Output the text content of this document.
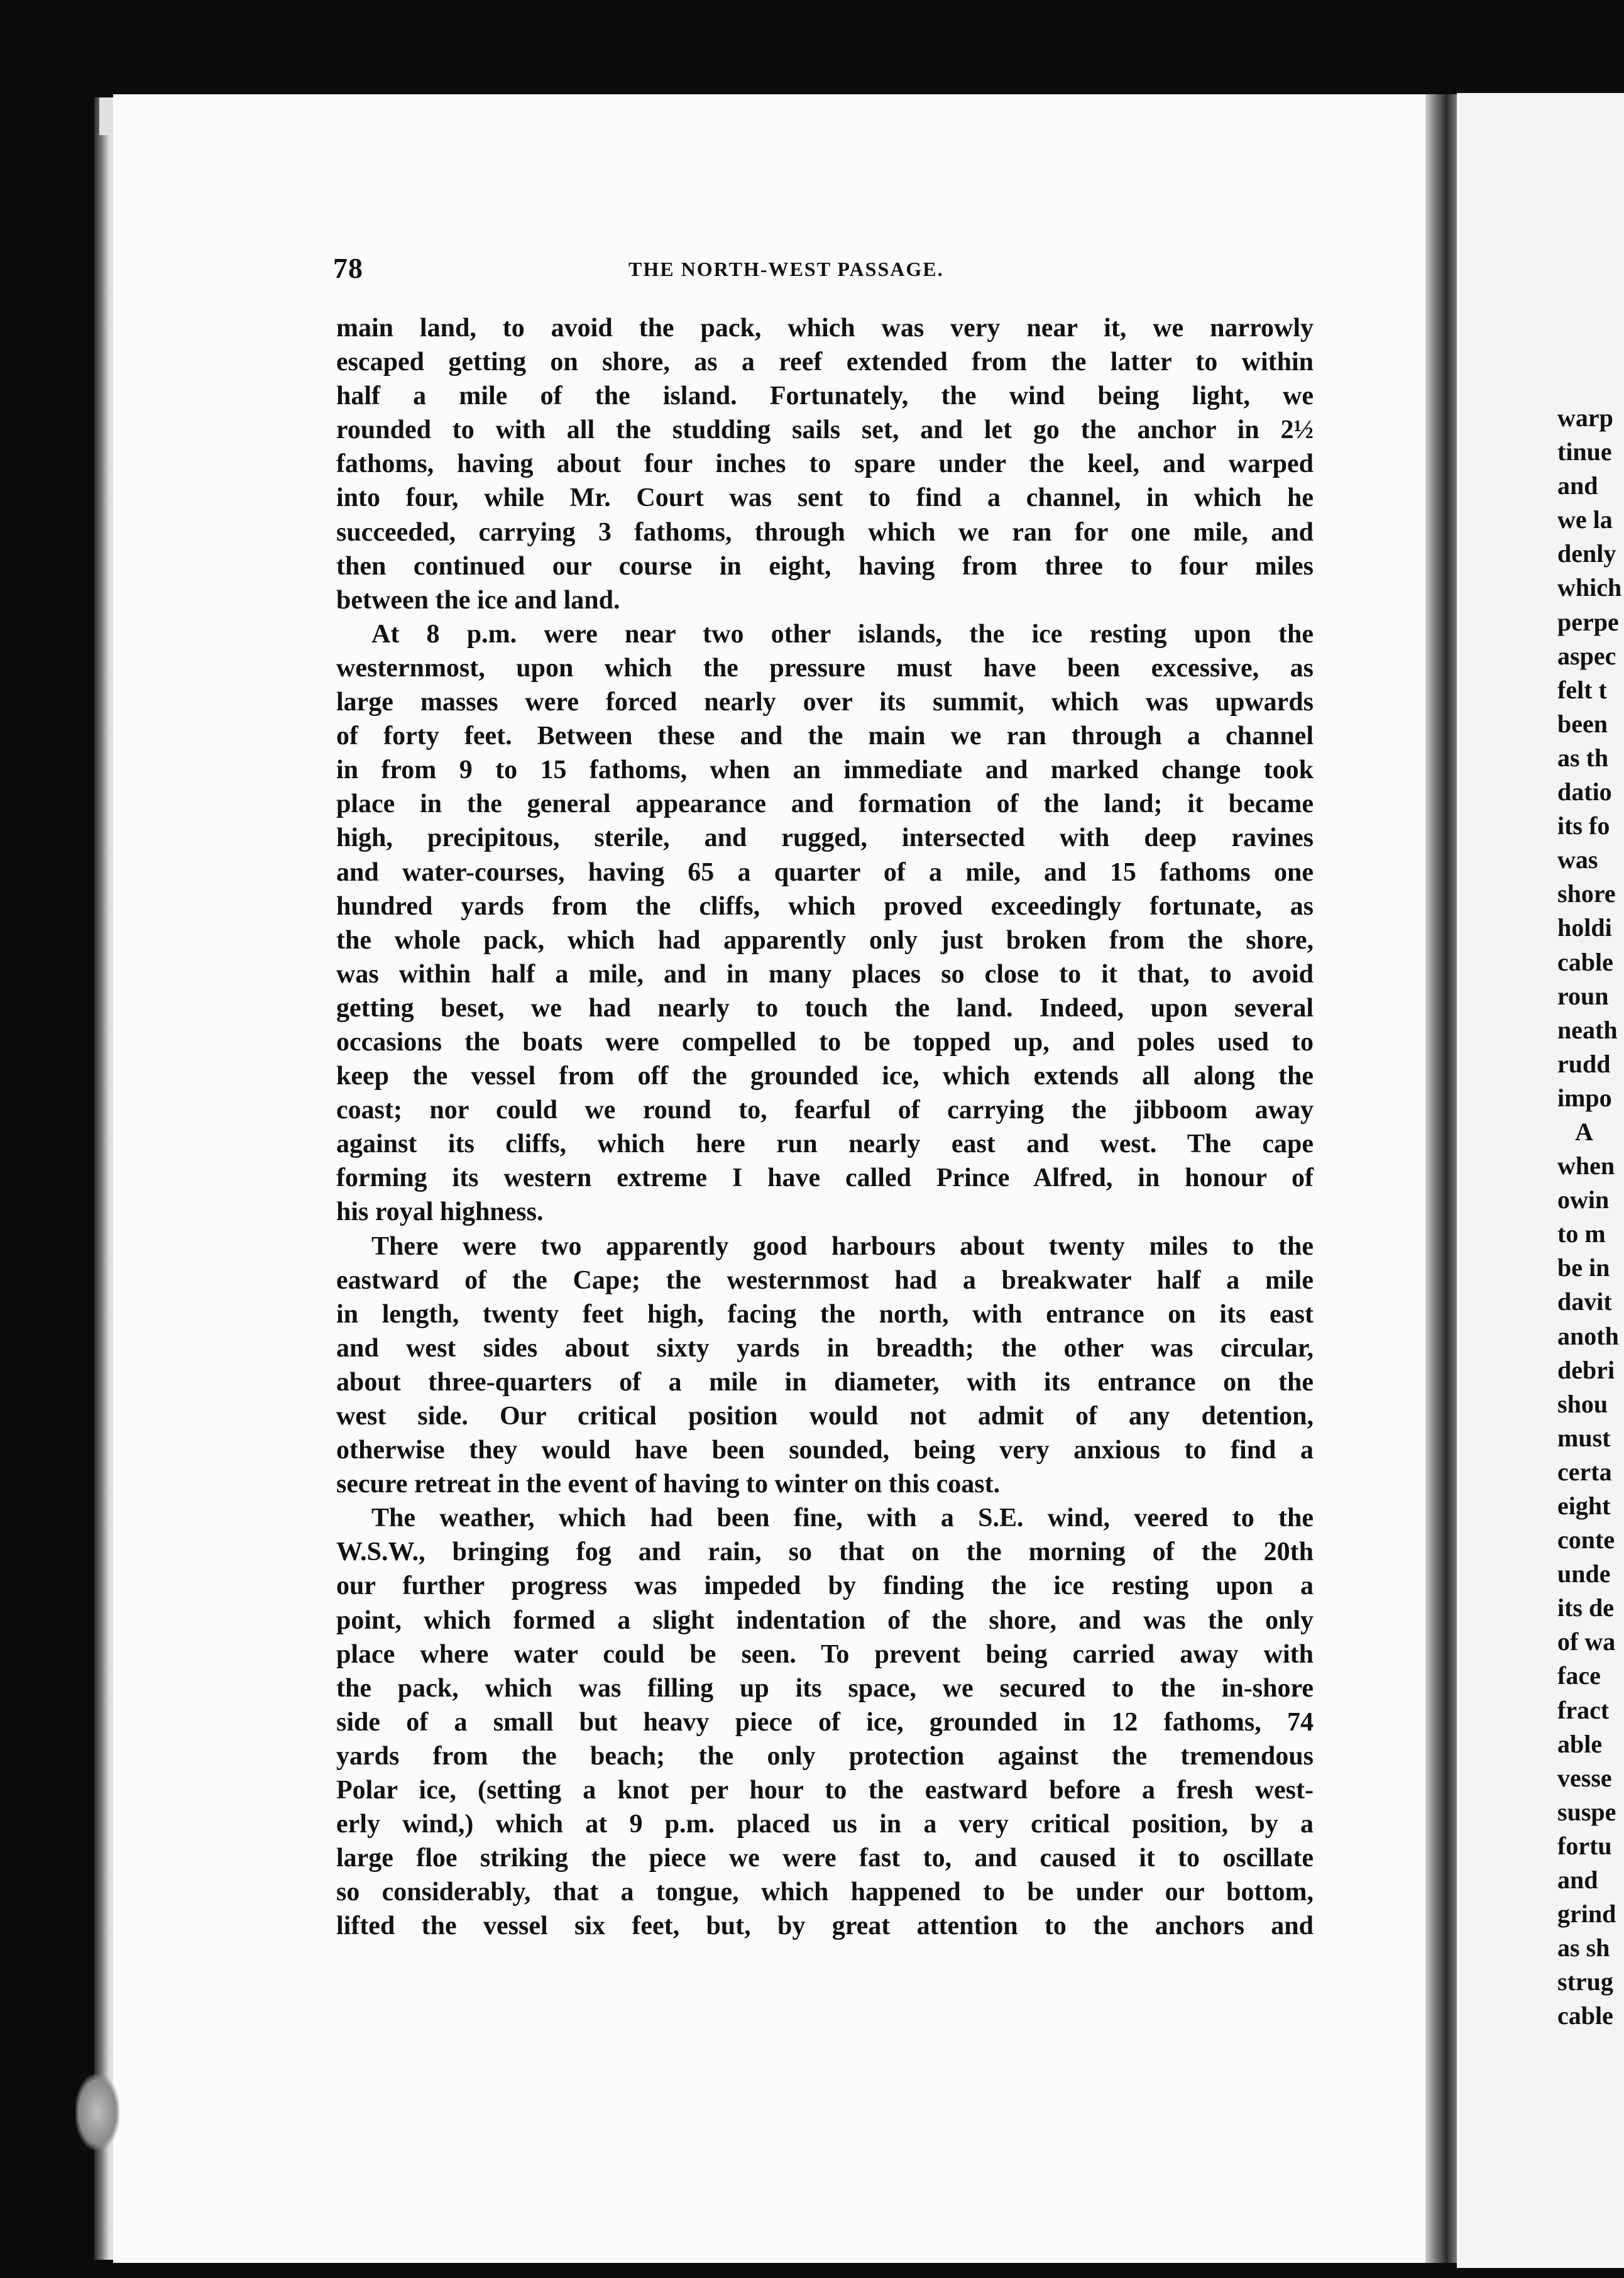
warp
tinue
and
we la
denly
which
perpe
aspec
felt t
been
as th
datio
its fo
was
shore
holdi
cable
roun
neath
rudd
impo
A
when
owin
to m
be in
davit
anoth
debri
shou
must
certa
eight
conte
unde
its de
of wa
face
fract
able
vesse
suspe
fortu
and
grind
as sh
strug
cable
78	THE NORTH-WEST PASSAGE.
main land, to avoid the pack, which was very near it, we narrowly
escaped getting on shore, as a reef extended from the latter to within
half a mile of the island. Fortunately, the wind being light, we
rounded to with all the studding sails set, and let go the anchor in 2½
fathoms, having about four inches to spare under the keel, and warped
into four, while Mr. Court was sent to find a channel, in which he
succeeded, carrying 3 fathoms, through which we ran for one mile, and
then continued our course in eight, having from three to four miles
between the ice and land.
At 8 p.m. were near two other islands, the ice resting upon the
westernmost, upon which the pressure must have been excessive, as
large masses were forced nearly over its summit, which was upwards
of forty feet. Between these and the main we ran through a channel
in from 9 to 15 fathoms, when an immediate and marked change took
place in the general appearance and formation of the land; it became
high, precipitous, sterile, and rugged, intersected with deep ravines
and water-courses, having 65 a quarter of a mile, and 15 fathoms one
hundred yards from the cliffs, which proved exceedingly fortunate, as
the whole pack, which had apparently only just broken from the shore,
was within half a mile, and in many places so close to it that, to avoid
getting beset, we had nearly to touch the land. Indeed, upon several
occasions the boats were compelled to be topped up, and poles used to
keep the vessel from off the grounded ice, which extends all along the
coast; nor could we round to, fearful of carrying the jibboom away
against its cliffs, which here run nearly east and west. The cape
forming its western extreme I have called Prince Alfred, in honour of
his royal highness.
There were two apparently good harbours about twenty miles to the
eastward of the Cape; the westernmost had a breakwater half a mile
in length, twenty feet high, facing the north, with entrance on its east
and west sides about sixty yards in breadth; the other was circular,
about three-quarters of a mile in diameter, with its entrance on the
west side. Our critical position would not admit of any detention,
otherwise they would have been sounded, being very anxious to find a
secure retreat in the event of having to winter on this coast.
The weather, which had been fine, with a S.E. wind, veered to the
W.S.W., bringing fog and rain, so that on the morning of the 20th
our further progress was impeded by finding the ice resting upon a
point, which formed a slight indentation of the shore, and was the only
place where water could be seen. To prevent being carried away with
the pack, which was filling up its space, we secured to the in-shore
side of a small but heavy piece of ice, grounded in 12 fathoms, 74
yards from the beach; the only protection against the tremendous
Polar ice, (setting a knot per hour to the eastward before a fresh west-
erly wind,) which at 9 p.m. placed us in a very critical position, by a
large floe striking the piece we were fast to, and caused it to oscillate
so considerably, that a tongue, which happened to be under our bottom,
lifted the vessel six feet, but, by great attention to the anchors and
